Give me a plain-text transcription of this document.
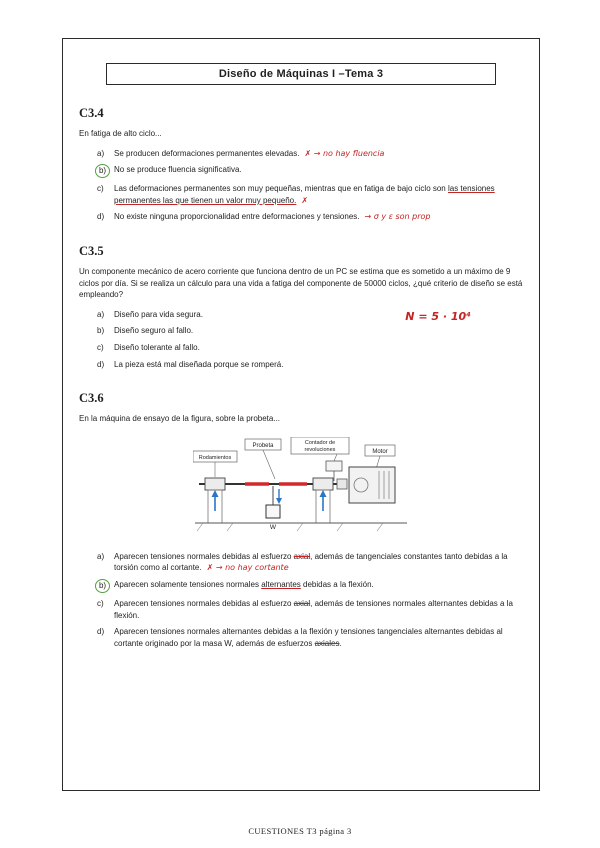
Diseño de Máquinas I –Tema 3
C3.4

En fatiga de alto ciclo...

a)	Se producen deformaciones permanentes elevadas. ✗ → no hay fluencia
b) No se produce fluencia significativa.
c)	Las deformaciones permanentes son muy pequeñas, mientras que en fatiga de bajo ciclo son las tensiones permanentes las que tienen un valor muy pequeño. ✗
d)	No existe ninguna proporcionalidad entre deformaciones y tensiones. → σ y ε son prop
C3.5

Un componente mecánico de acero corriente que funciona dentro de un PC se estima que es sometido a un máximo de 9 ciclos por día. Si se realiza un cálculo para una vida a fatiga del componente de 50000 ciclos, ¿qué criterio de diseño se está empleando?

N = 5 · 10⁴
a)	Diseño para vida segura.
b)	Diseño seguro al fallo.
c)	Diseño tolerante al fallo.
d)	La pieza está mal diseñada porque se romperá.
C3.6

En la máquina de ensayo de la figura, sobre la probeta...

Probeta	Contador de
revoluciones
Rodamientos
Motor
W
a)	Aparecen tensiones normales debidas al esfuerzo axial, además de tangenciales constantes tanto debidas a la torsión como al cortante. ✗ → no hay cortante
b) Aparecen solamente tensiones normales alternantes debidas a la flexión.
c)	Aparecen tensiones normales debidas al esfuerzo axial, además de tensiones normales alternantes debidas a la flexión.
d)	Aparecen tensiones normales alternantes debidas a la flexión y tensiones tangenciales alternantes debidas al cortante originado por la masa W, además de esfuerzos axiales.
CUESTIONES T3 página 3
